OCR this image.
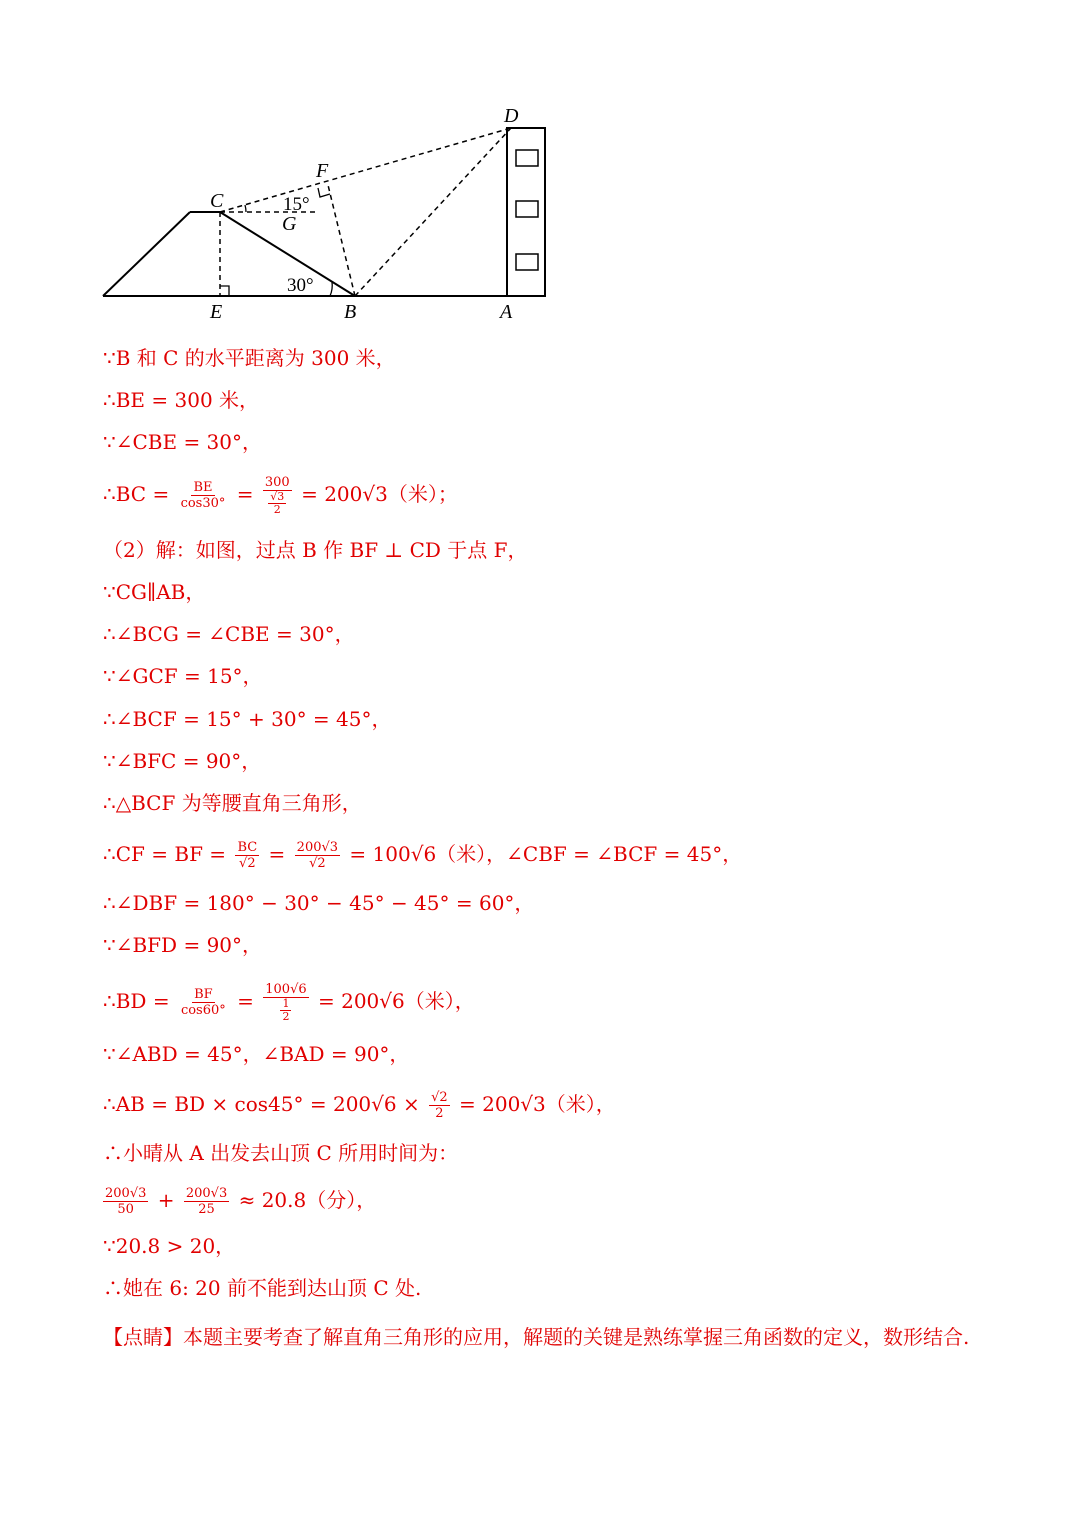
D
F
C
G
E	B	A
15°
30°
∵B 和 C 的水平距离为 300 米，
∴BE = 300 米，
∵∠CBE = 30°，
∴BC = $\frac{BE}{\cos 30^\circ} = \frac{300}{\frac{√3}{2}} = 200√3$（米）；
（2）解：如图，过点 B 作 BF ⊥ CD 于点 F，
∵CG∥AB，
∴∠BCG = ∠CBE = 30°，
∵∠GCF = 15°，
∴∠BCF = 15° + 30° = 45°，
∵∠BFC = 90°，
∴△BCF 为等腰直角三角形，
∴CF = BF = $\frac{BC}{√2} = \frac{200√3}{√2} = 100√6$（米），∠CBF = ∠BCF = 45°，
∴∠DBF = 180° − 30° − 45° − 45° = 60°，
∵∠BFD = 90°，
∴BD = $\frac{BF}{\cos 60^\circ} = \frac{100√6}{\frac{1}{2}} = 200√6$（米），
∵∠ABD = 45°，∠BAD = 90°，
∴AB = BD × $\cos 45^\circ = 200√6 \times \frac{√2}{2} = 200√3$（米），
∴小晴从 A 出发去山顶 C 所用时间为：
$\frac{200√3}{50} + \frac{200√3}{25} \approx 20.8$（分），
∵20.8 > 20，
∴她在 6: 20 前不能到达山顶 C 处.
【点睛】本题主要考查了解直角三角形的应用，解题的关键是熟练掌握三角函数的定义，数形结合.
